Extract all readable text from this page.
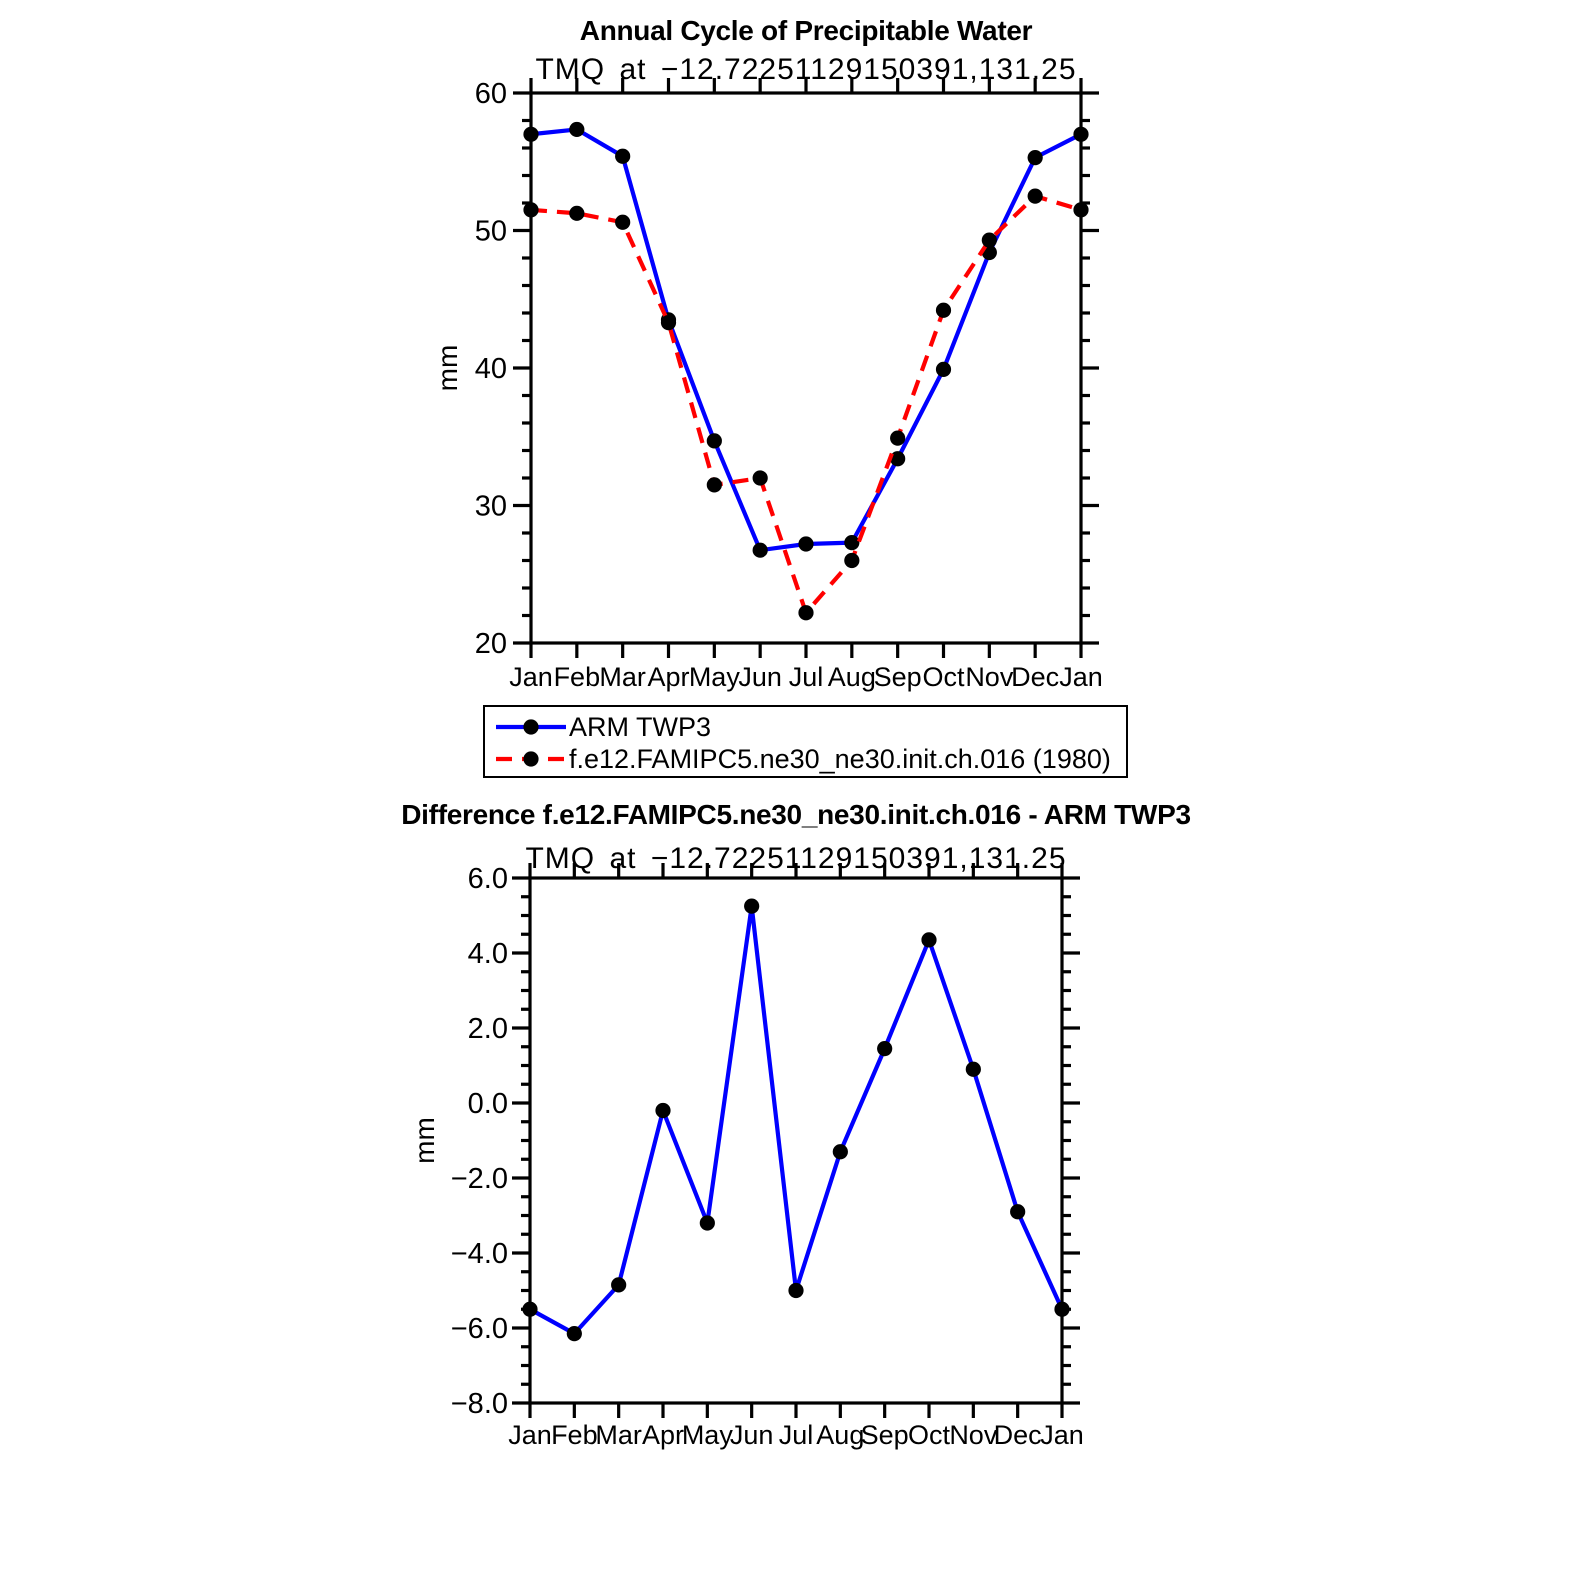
Annual Cycle of Precipitable Water
TMQ at −12.72251129150391,131.25
Jan Feb Mar Apr May
Jun Jul Aug
Sep Oct Nov
Dec Jan
60
50
40
30
20
mm
ARM TWP3
f.e12.FAMIPC5.ne30_ne30.init.ch.016 (1980)
Difference f.e12.FAMIPC5.ne30_ne30.init.ch.016 - ARM TWP3
TMQ at −12.72251129150391,131.25
Jan Feb
Mar Apr
May
Jun Jul Aug
Sep Oct Nov
Dec
Jan
6.0
4.0
2.0
0.0
−2.0
−4.0
−6.0
−8.0
mm
